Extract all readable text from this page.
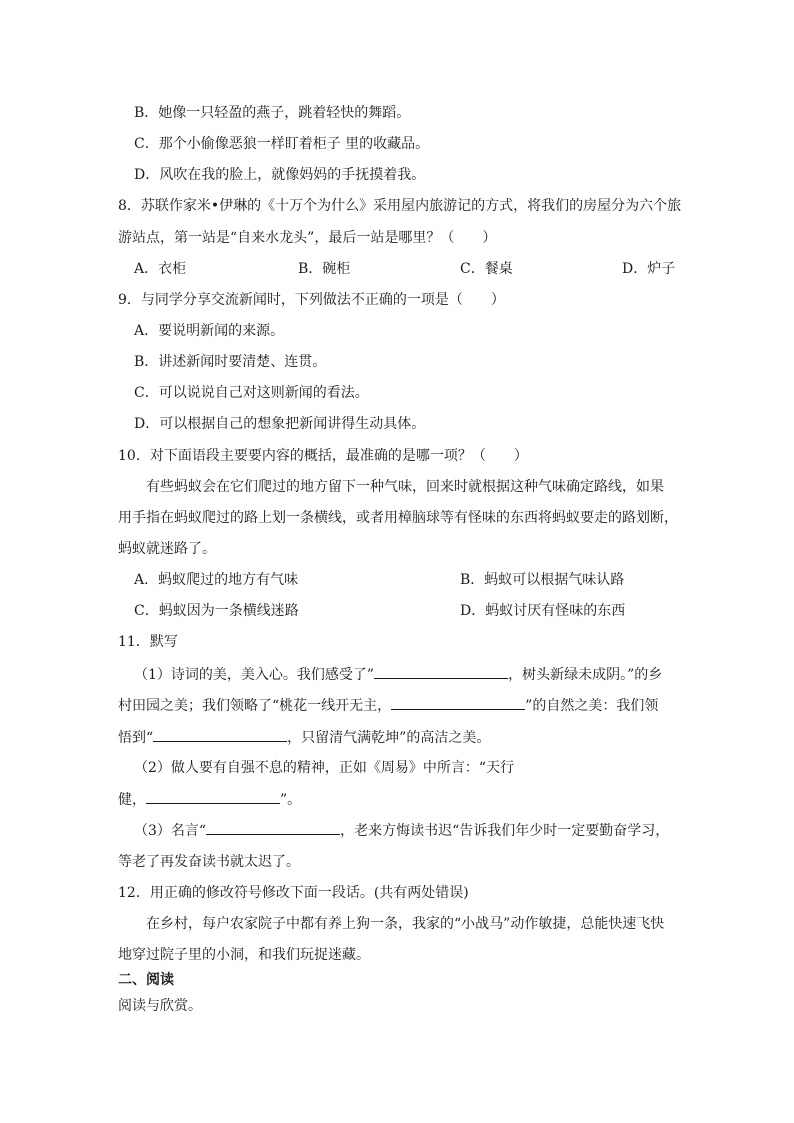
B．她像一只轻盈的燕子，跳着轻快的舞蹈。
C．那个小偷像恶狼一样盯着柜子 里的收藏品。
D．风吹在我的脸上，就像妈妈的手抚摸着我。
8．苏联作家米•伊琳的《十万个为什么》采用屋内旅游记的方式，将我们的房屋分为六个旅
游站点，第一站是“自来水龙头”，最后一站是哪里？（　　）
A．衣柜	B．碗柜	C．餐桌	D．炉子
9．与同学分享交流新闻时，下列做法不正确的一项是（　　）
A．要说明新闻的来源。
B．讲述新闻时要清楚、连贯。
C．可以说说自己对这则新闻的看法。
D．可以根据自己的想象把新闻讲得生动具体。
10．对下面语段主要要内容的概括，最准确的是哪一项？（　　）
有些蚂蚁会在它们爬过的地方留下一种气味，回来时就根据这种气味确定路线，如果
用手指在蚂蚁爬过的路上划一条横线，或者用樟脑球等有怪味的东西将蚂蚁要走的路划断，
蚂蚁就迷路了。
A．蚂蚁爬过的地方有气味	B．蚂蚁可以根据气味认路
C．蚂蚁因为一条横线迷路	D．蚂蚁讨厌有怪味的东西
11．默写
（1）诗词的美，美入心。我们感受了”	，树头新绿未成阴。”的乡
村田园之美；我们领略了“桃花一线开无主，	”的自然之美：我们领
悟到“	，只留清气满乾坤”的高洁之美。
（2）做人要有自强不息的精神，正如《周易》中所言：“天行
健，	”。
（3）名言“	，老来方悔读书迟“告诉我们年少时一定要勤奋学习，
等老了再发奋读书就太迟了。
12．用正确的修改符号修改下面一段话。(共有两处错误)
在乡村，每户农家院子中都有养上狗一条，我家的“小战马”动作敏捷，总能快速飞快
地穿过院子里的小洞，和我们玩捉迷藏。
二、阅读
阅读与欣赏。
